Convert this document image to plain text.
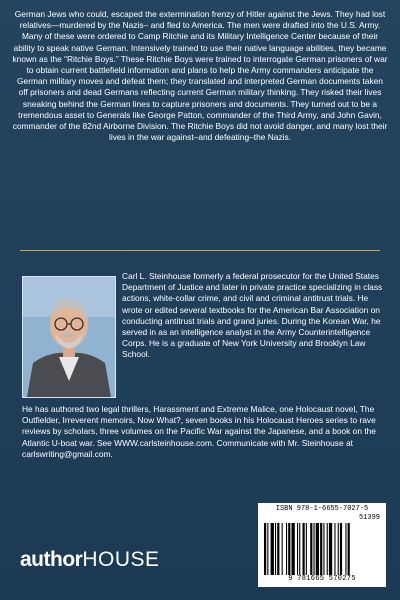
German Jews who could, escaped the extermination frenzy of Hitler against the Jews. They had lost relatives—murdered by the Nazis– and fled to America. The men were drafted into the U.S. Army. Many of these were ordered to Camp Ritchie and its Military Intelligence Center because of their ability to speak native German. Intensively trained to use their native language abilities, they became known as the “Ritchie Boys.” These Ritchie Boys were trained to interrogate German prisoners of war to obtain current battlefield information and plans to help the Army commanders anticipate the German military moves and defeat them; they translated and interpreted German documents taken off prisoners and dead Germans reflecting current German military thinking. They risked their lives sneaking behind the German lines to capture prisoners and documents. They turned out to be a tremendous asset to Generals like George Patton, commander of the Third Army, and John Gavin, commander of the 82nd Airborne Division. The Ritchie Boys did not avoid danger, and many lost their lives in the war against–and defeating–the Nazis.
Carl L. Steinhouse formerly a federal prosecutor for the United States Department of Justice and later in private practice specializing in class actions, white-collar crime, and civil and criminal antitrust trials. He wrote or edited several textbooks for the American Bar Association on conducting antitrust trials and grand juries. During the Korean War, he served in as an intelligence analyst in the Army Counterintelligence Corps. He is a graduate of New York University and Brooklyn Law School.
He has authored two legal thrillers, Harassment and Extreme Malice, one Holocaust novel, The Outfielder, Irreverent memoirs, Now What?, seven books in his Holocaust Heroes series to rave reviews by scholars, three volumes on the Pacific War against the Japanese, and a book on the Atlantic U-boat war. See WWW.carlsteinhouse.com. Communicate with Mr. Steinhouse at carlswriting@gmail.com.
authorHOUSE
ISBN 978-1-6655-7027-5
51399
9 781665 570275
